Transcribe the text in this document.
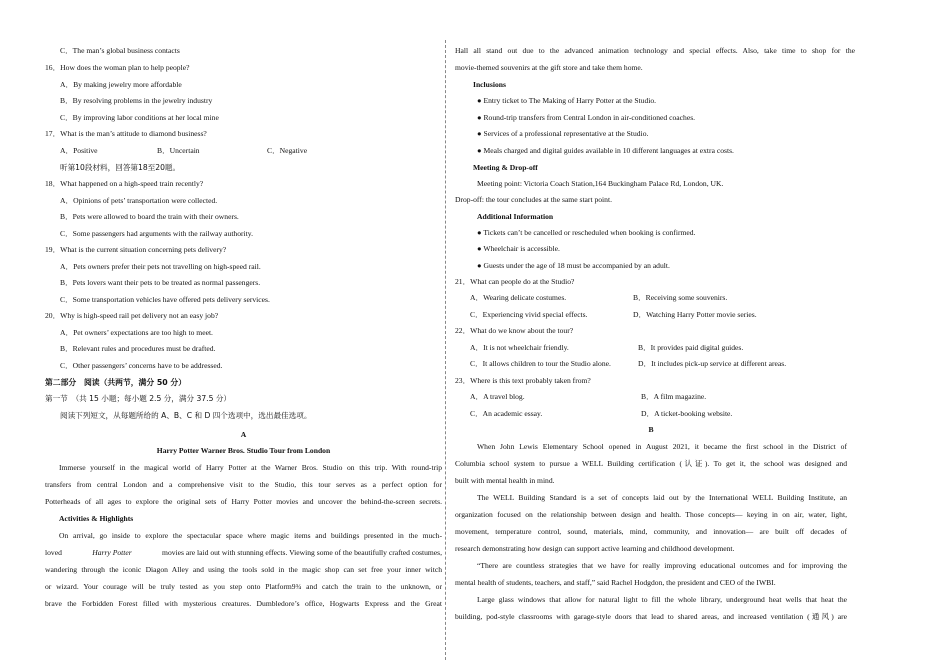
C．The man’s global business contacts
16．How does the woman plan to help people?
A．By making jewelry more affordable
B．By resolving problems in the jewelry industry
C．By improving labor conditions at her local mine
17．What is the man’s attitude to diamond business?
A．Positive	B．Uncertain	C．Negative
听第10段材料，回答第18至20题。
18．What happened on a high-speed train recently?
A．Opinions of pets’ transportation were collected.
B．Pets were allowed to board the train with their owners.
C．Some passengers had arguments with the railway authority.
19．What is the current situation concerning pets delivery?
A．Pets owners prefer their pets not travelling on high-speed rail.
B．Pets lovers want their pets to be treated as normal passengers.
C．Some transportation vehicles have offered pets delivery services.
20．Why is high-speed rail pet delivery not an easy job?
A．Pet owners’ expectations are too high to meet.
B．Relevant rules and procedures must be drafted.
C．Other passengers’ concerns have to be addressed.
第二部分　阅读（共两节，满分 50 分）
第一节　（共 15 小题；每小题 2.5 分，满分 37.5 分）
阅读下列短文，从每题所给的 A、B、C 和 D 四个选项中，选出最佳选项。
A
Harry Potter Warner Bros. Studio Tour from London
Immerse yourself in the magical world of Harry Potter at the Warner Bros. Studio on this trip. With round-trip
transfers from central London and a comprehensive visit to the Studio, this tour serves as a perfect option for
Potterheads of all ages to explore the original sets of Harry Potter movies and uncover the behind-the-screen secrets.
Activities & Highlights
On arrival, go inside to explore the spectacular space where magic items and buildings presented in the much-
loved	Harry Potter	movies are laid out with stunning effects. Viewing some of the beautifully crafted costumes,
wandering through the iconic Diagon Alley and using the tools sold in the magic shop can set free your inner witch
or wizard. Your courage will be truly tested as you step onto Platform9¾ and catch the train to the unknown, or
brave the Forbidden Forest filled with mysterious creatures. Dumbledore’s office, Hogwarts Express and the Great
Hall all stand out due to the advanced animation technology and special effects. Also, take time to shop for the
movie-themed souvenirs at the gift store and take them home.
Inclusions
● Entry ticket to The Making of Harry Potter at the Studio.
● Round-trip transfers from Central London in air-conditioned coaches.
● Services of a professional representative at the Studio.
● Meals charged and digital guides available in 10 different languages at extra costs.
Meeting & Drop-off
Meeting point: Victoria Coach Station,164 Buckingham Palace Rd, London, UK.
Drop-off: the tour concludes at the same start point.
Additional Information
● Tickets can’t be cancelled or rescheduled when booking is confirmed.
● Wheelchair is accessible.
● Guests under the age of 18 must be accompanied by an adult.
21．What can people do at the Studio?
A．Wearing delicate costumes.	B．Receiving some souvenirs.
C．Experiencing vivid special effects.	D．Watching Harry Potter movie series.
22．What do we know about the tour?
A．It is not wheelchair friendly.	B．It provides paid digital guides.
C．It allows children to tour the Studio alone.	D．It includes pick-up service at different areas.
23．Where is this text probably taken from?
A．A travel blog.	B．A film magazine.
C．An academic essay.	D．A ticket-booking website.
B
When John Lewis Elementary School opened in August 2021, it became the first school in the District of
Columbia school system to pursue a WELL Building certification (认证). To get it, the school was designed and
built with mental health in mind.
The WELL Building Standard is a set of concepts laid out by the International WELL Building Institute, an
organization focused on the relationship between design and health. Those concepts— keying in on air, water, light,
movement, temperature control, sound, materials, mind, community, and innovation— are built off decades of
research demonstrating how design can support active learning and childhood development.
“There are countless strategies that we have for really improving educational outcomes and for improving the
mental health of students, teachers, and staff,” said Rachel Hodgdon, the president and CEO of the IWBI.
Large glass windows that allow for natural light to fill the whole library, underground heat wells that heat the
building, pod-style classrooms with garage-style doors that lead to shared areas, and increased ventilation (通风) are
